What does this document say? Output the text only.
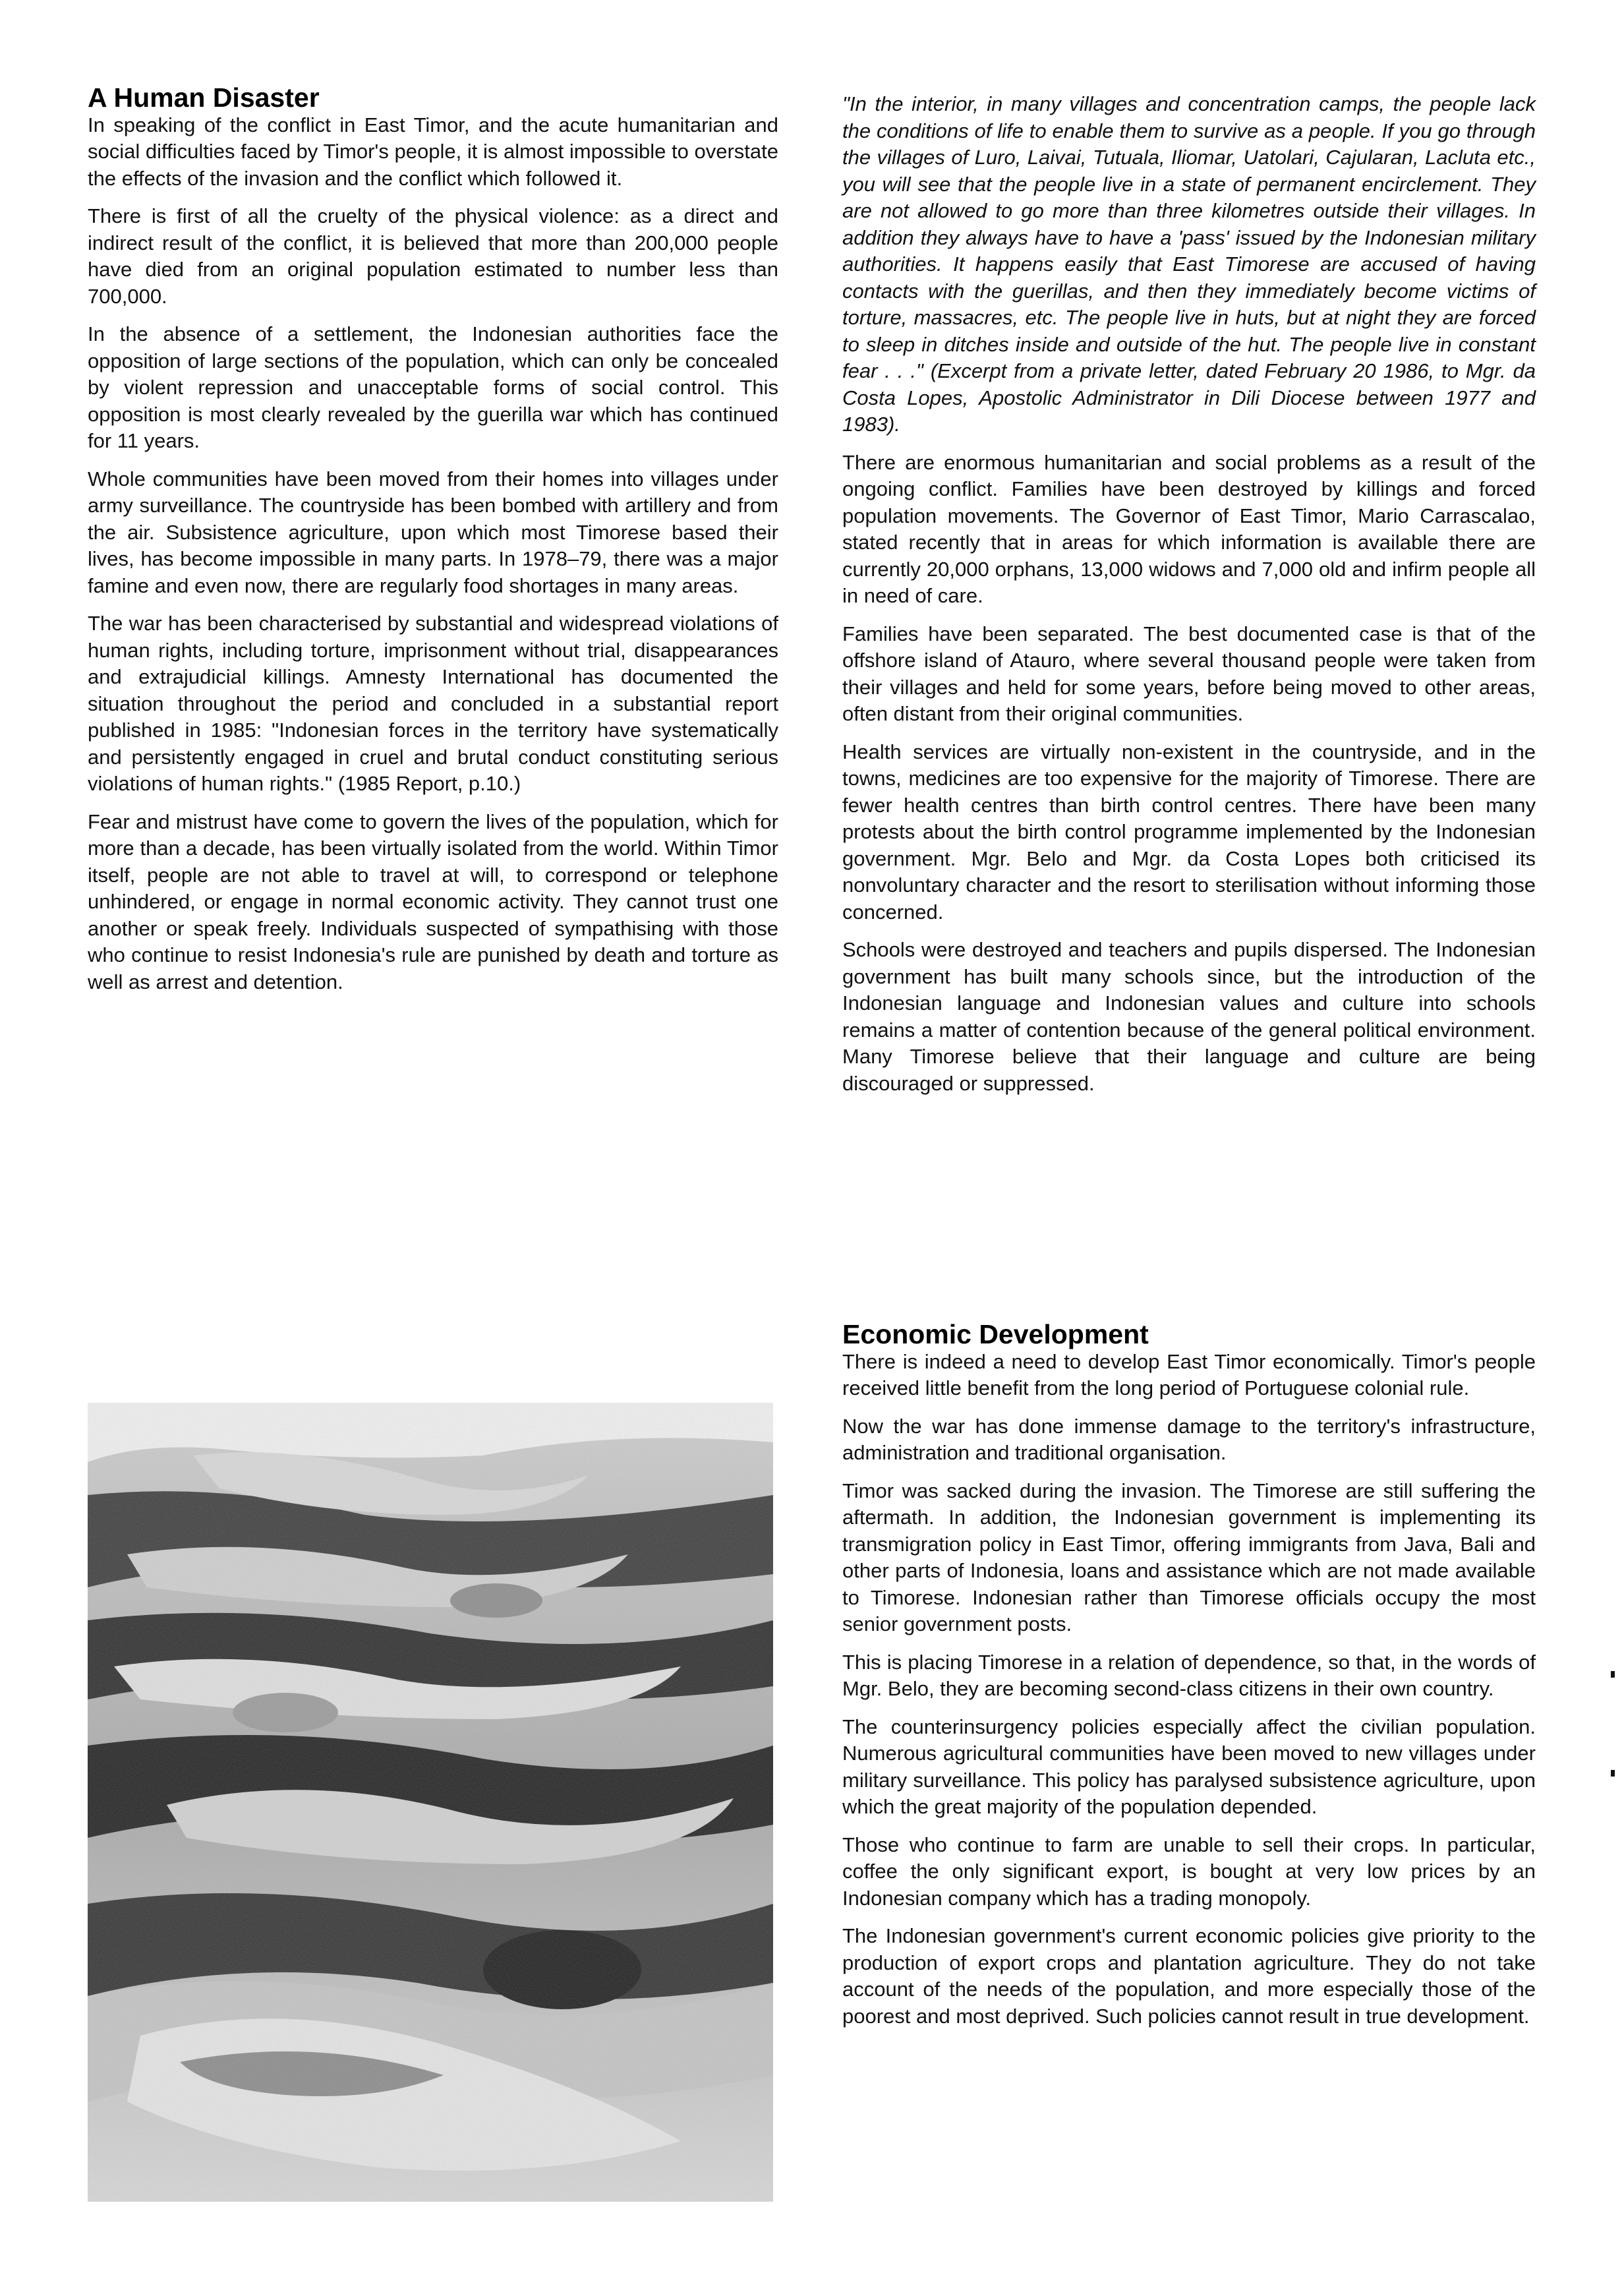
A Human Disaster

In speaking of the conflict in East Timor, and the acute humanitarian and social difficulties faced by Timor's people, it is almost impossible to overstate the effects of the invasion and the conflict which followed it.

There is first of all the cruelty of the physical violence: as a direct and indirect result of the conflict, it is believed that more than 200,000 people have died from an original population estimated to number less than 700,000.

In the absence of a settlement, the Indonesian authorities face the opposition of large sections of the population, which can only be concealed by violent repression and unacceptable forms of social control. This opposition is most clearly revealed by the guerilla war which has continued for 11 years.

Whole communities have been moved from their homes into villages under army surveillance. The countryside has been bombed with artillery and from the air. Subsistence agriculture, upon which most Timorese based their lives, has become impossible in many parts. In 1978–79, there was a major famine and even now, there are regularly food shortages in many areas.

The war has been characterised by substantial and widespread violations of human rights, including torture, imprisonment without trial, disappearances and extrajudicial killings. Amnesty International has documented the situation throughout the period and concluded in a substantial report published in 1985: "Indonesian forces in the territory have systematically and persistently engaged in cruel and brutal conduct constituting serious violations of human rights." (1985 Report, p.10.)

Fear and mistrust have come to govern the lives of the population, which for more than a decade, has been virtually isolated from the world. Within Timor itself, people are not able to travel at will, to correspond or telephone unhindered, or engage in normal economic activity. They cannot trust one another or speak freely. Individuals suspected of sympathising with those who continue to resist Indonesia's rule are punished by death and torture as well as arrest and detention.

"In the interior, in many villages and concentration camps, the people lack the conditions of life to enable them to survive as a people. If you go through the villages of Luro, Laivai, Tutuala, Iliomar, Uatolari, Cajularan, Lacluta etc., you will see that the people live in a state of permanent encirclement. They are not allowed to go more than three kilometres outside their villages. In addition they always have to have a 'pass' issued by the Indonesian military authorities. It happens easily that East Timorese are accused of having contacts with the guerillas, and then they immediately become victims of torture, massacres, etc. The people live in huts, but at night they are forced to sleep in ditches inside and outside of the hut. The people live in constant fear . . ." (Excerpt from a private letter, dated February 20 1986, to Mgr. da Costa Lopes, Apostolic Administrator in Dili Diocese between 1977 and 1983).

There are enormous humanitarian and social problems as a result of the ongoing conflict. Families have been destroyed by killings and forced population movements. The Governor of East Timor, Mario Carrascalao, stated recently that in areas for which information is available there are currently 20,000 orphans, 13,000 widows and 7,000 old and infirm people all in need of care.

Families have been separated. The best documented case is that of the offshore island of Atauro, where several thousand people were taken from their villages and held for some years, before being moved to other areas, often distant from their original communities.

Health services are virtually non-existent in the countryside, and in the towns, medicines are too expensive for the majority of Timorese. There are fewer health centres than birth control centres. There have been many protests about the birth control programme implemented by the Indonesian government. Mgr. Belo and Mgr. da Costa Lopes both criticised its nonvoluntary character and the resort to sterilisation without informing those concerned.

Schools were destroyed and teachers and pupils dispersed. The Indonesian government has built many schools since, but the introduction of the Indonesian language and Indonesian values and culture into schools remains a matter of contention because of the general political environment. Many Timorese believe that their language and culture are being discouraged or suppressed.

Economic Development

There is indeed a need to develop East Timor economically. Timor's people received little benefit from the long period of Portuguese colonial rule.

Now the war has done immense damage to the territory's infrastructure, administration and traditional organisation.

Timor was sacked during the invasion. The Timorese are still suffering the aftermath. In addition, the Indonesian government is implementing its transmigration policy in East Timor, offering immigrants from Java, Bali and other parts of Indonesia, loans and assistance which are not made available to Timorese. Indonesian rather than Timorese officials occupy the most senior government posts.

This is placing Timorese in a relation of dependence, so that, in the words of Mgr. Belo, they are becoming second-class citizens in their own country.

The counterinsurgency policies especially affect the civilian population. Numerous agricultural communities have been moved to new villages under military surveillance. This policy has paralysed subsistence agriculture, upon which the great majority of the population depended.

Those who continue to farm are unable to sell their crops. In particular, coffee the only significant export, is bought at very low prices by an Indonesian company which has a trading monopoly.

The Indonesian government's current economic policies give priority to the production of export crops and plantation agriculture. They do not take account of the needs of the population, and more especially those of the poorest and most deprived. Such policies cannot result in true development.
